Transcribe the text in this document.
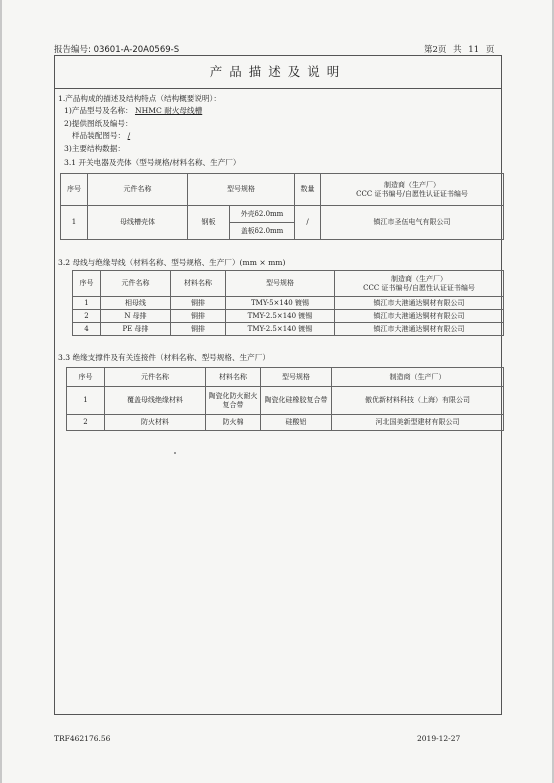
报告编号: 03601-A-20A0569-S	第2页 共 11 页
产品描述及说明
1.产品构成的描述及结构特点（结构概要说明）：
1)产品型号及名称： NHMC 耐火母线槽
2)提供图纸及编号：
样品装配图号： /
3)主要结构数据：
3.1 开关电器及壳体（型号规格/材料名称、生产厂）
序号	元件名称	型号规格		数量	制造商（生产厂）
CCC 证书编号/自愿性认证证书编号
1	母线槽壳体	钢板	外壳δ2.0mm	/	镇江市圣伍电气有限公司
			盖板δ2.0mm		
3.2 母线与绝缘导线（材料名称、型号规格、生产厂）(mm × mm)
序号	元件名称	材料名称	型号规格	制造商（生产厂）
CCC 证书编号/自愿性认证证书编号
1	相母线	铜排	TMY-5×140 镀锡	镇江市大港通达铜材有限公司
2	N 母排	铜排	TMY-2.5×140 镀锡	镇江市大港通达铜材有限公司
4	PE 母排	铜排	TMY-2.5×140 镀锡	镇江市大港通达铜材有限公司
3.3 绝缘支撑件及有关连接件（材料名称、型号规格、生产厂）
序号	元件名称	材料名称	型号规格	制造商（生产厂）
1	覆盖母线绝缘材料	陶瓷化防火耐火复合带	陶瓷化硅橡胶复合带	傲优新材料科技（上海）有限公司
2	防火材料	防火棉	硅酸铝	河北国美新型建材有限公司
TRF462176.56	2019-12-27
